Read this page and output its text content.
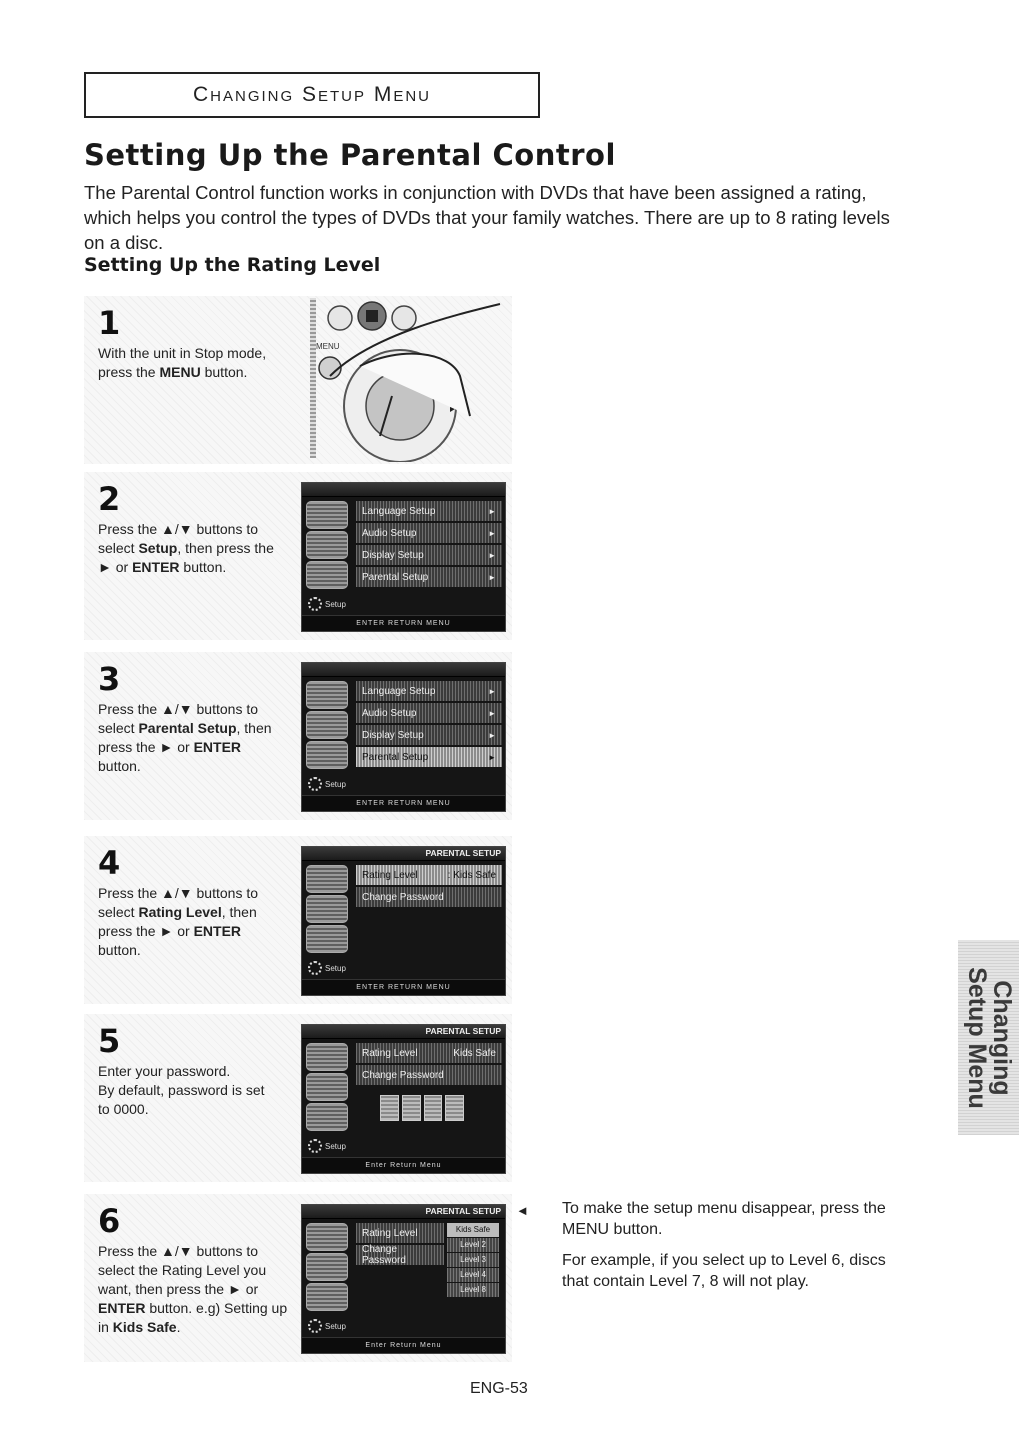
Changing Setup Menu
Setting Up the Parental Control
The Parental Control function works in conjunction with DVDs that have been assigned a rating, which helps you control the types of DVDs that your family watches. There are up to 8 rating levels on a disc.
Setting Up the Rating Level
1
With the unit in Stop mode, press the MENU button.
MENU
2
Press the ▲/▼ buttons to select Setup, then press the ► or ENTER button.
Language Setup	►
Audio Setup	►
Display Setup	►
Parental Setup	►
Setup
ENTER RETURN MENU
3
Press the ▲/▼ buttons to select Parental Setup, then press the ► or ENTER button.
Language Setup	►
Audio Setup	►
Display Setup	►
Parental Setup	►
Setup
ENTER RETURN MENU
4
Press the ▲/▼ buttons to select Rating Level, then press the ► or ENTER button.
PARENTAL SETUP
Rating Level	: Kids Safe
Change Password
Setup
ENTER RETURN MENU
5
Enter your password.
By default, password is set to 0000.
PARENTAL SETUP
Rating Level	Kids Safe
Change Password
Setup
Enter Return Menu
6
Press the ▲/▼ buttons to select the Rating Level you want, then press the ► or ENTER button. e.g) Setting up in Kids Safe.
PARENTAL SETUP
Rating Level
Change Password
Kids Safe
Level 2
Level 3
Level 4
Level 8
Setup
Enter Return Menu
◄ To make the setup menu disappear, press the MENU button.

For example, if you select up to Level 6, discs that contain Level 7, 8 will not play.

Changing
Setup Menu
ENG-53
